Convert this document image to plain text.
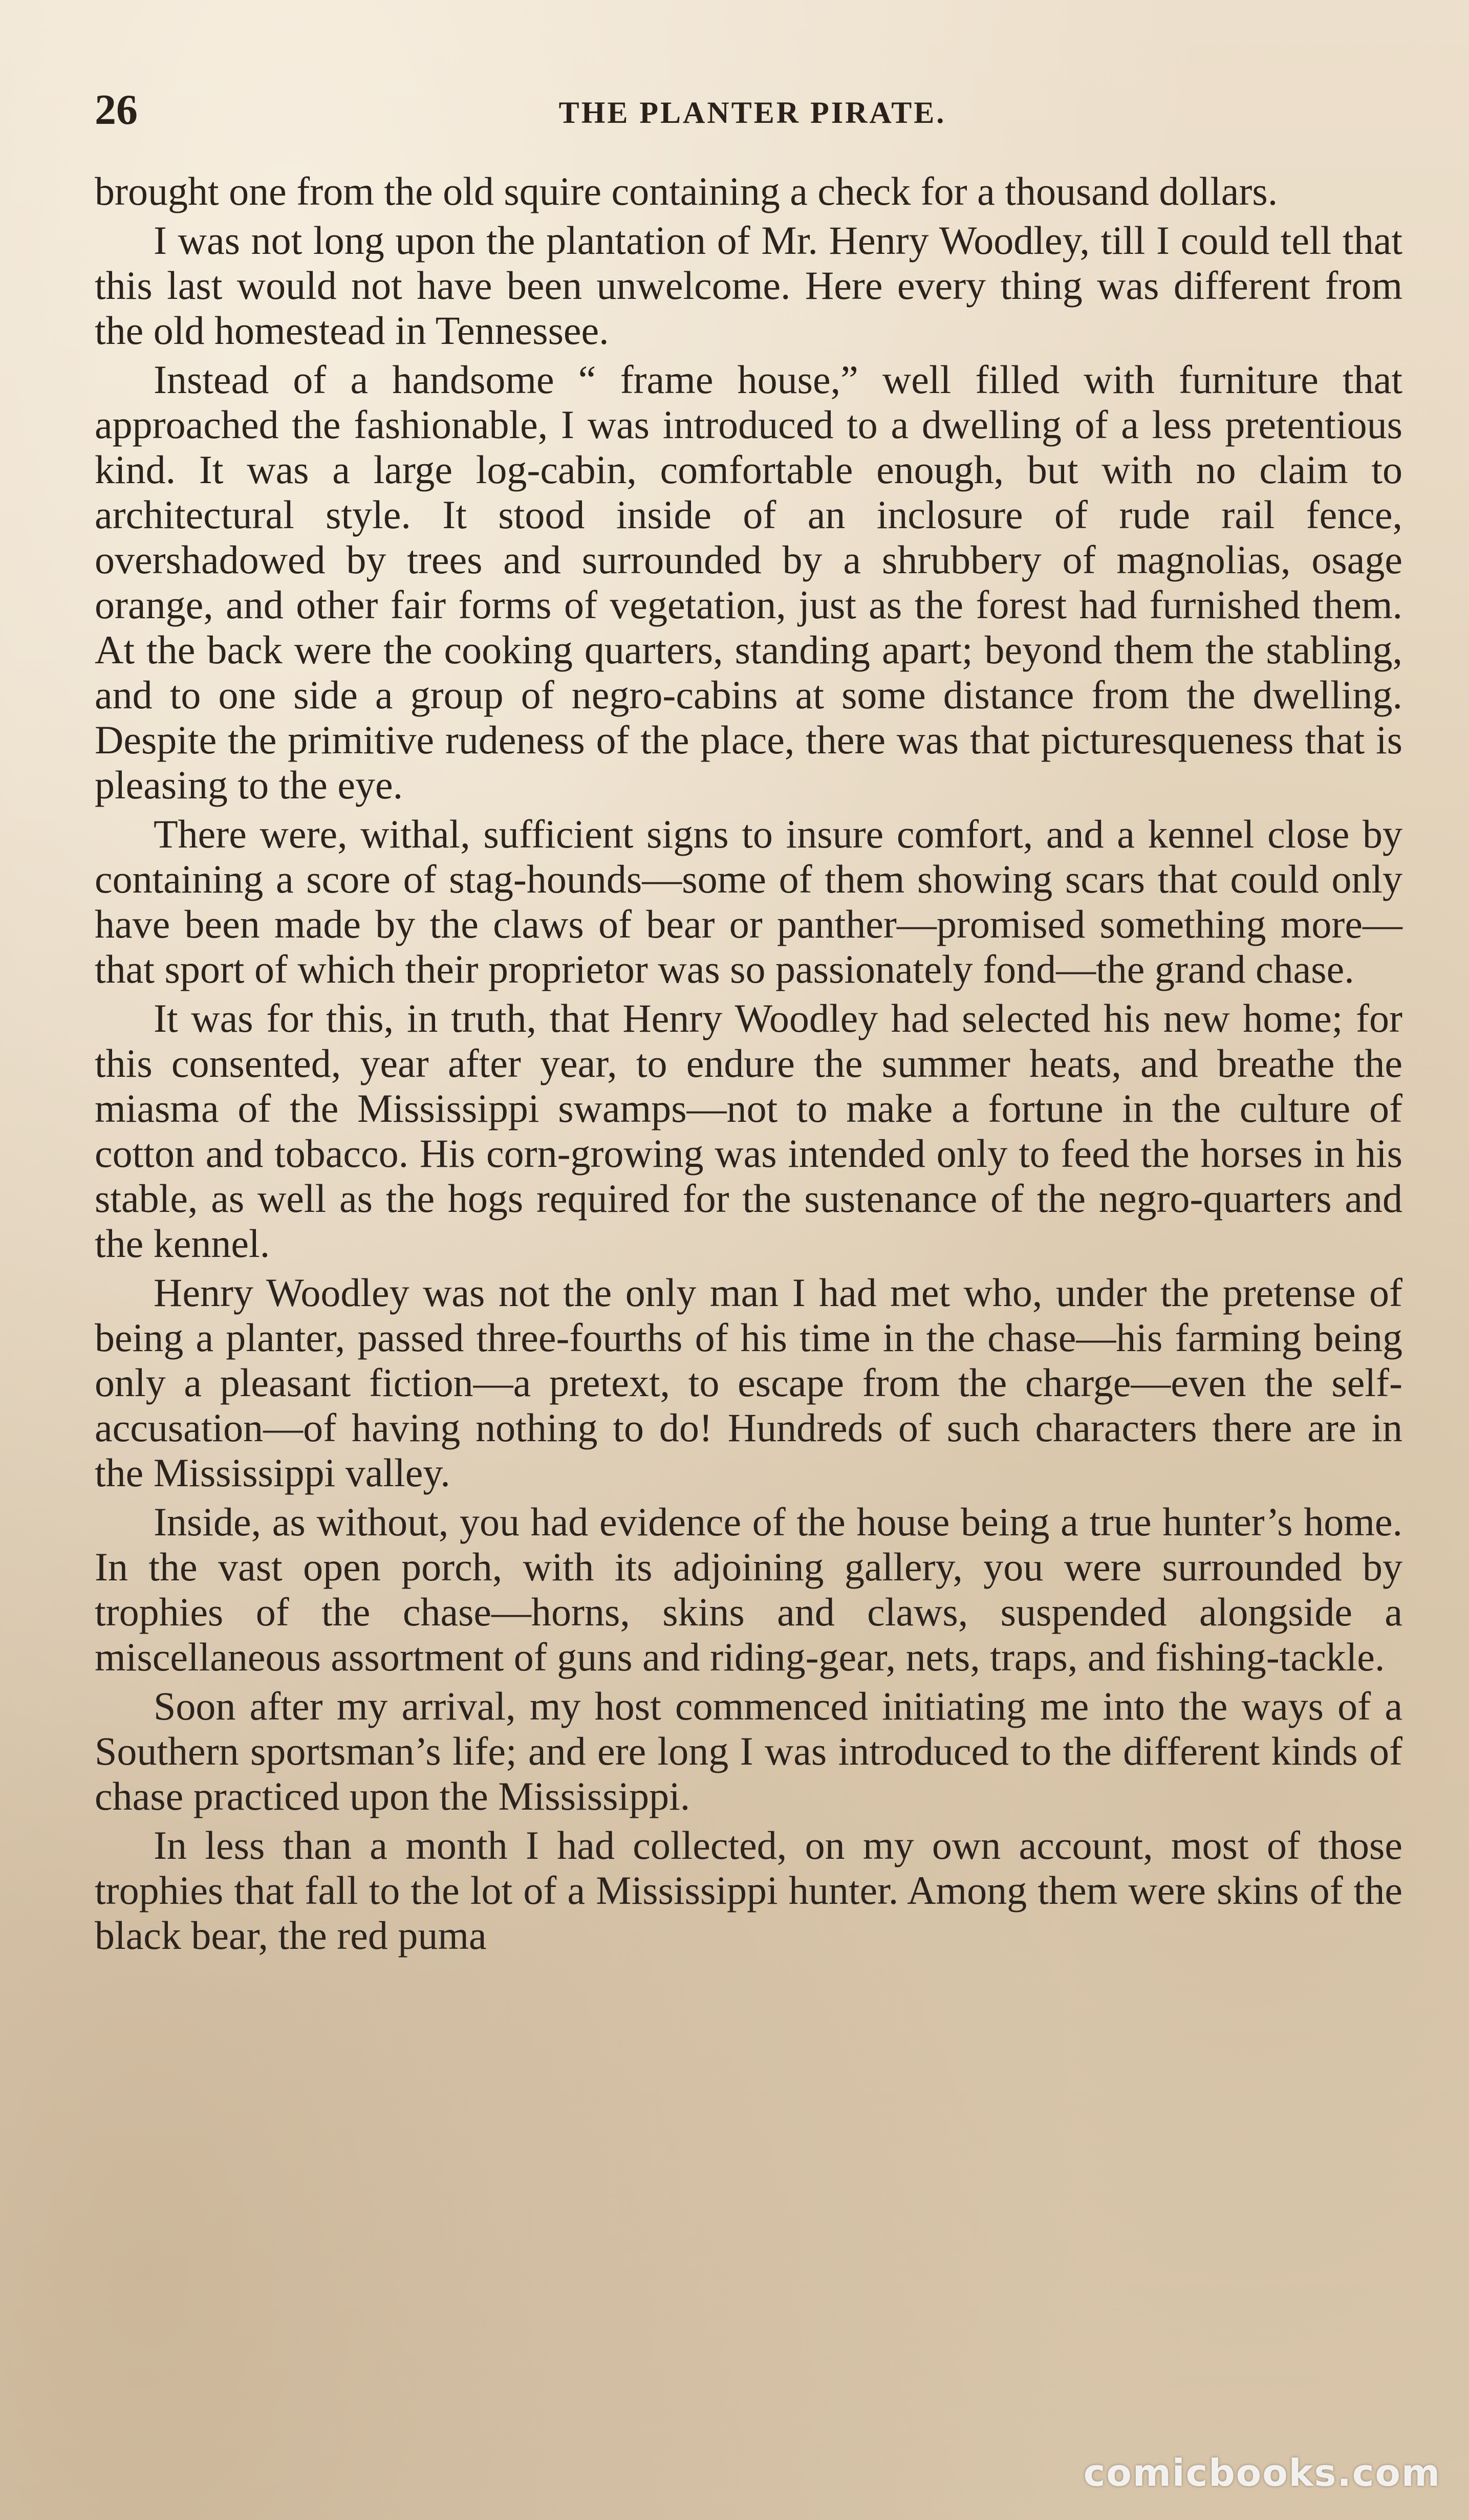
26	THE PLANTER PIRATE.

brought one from the old squire containing a check for a thousand dollars.

I was not long upon the plantation of Mr. Henry Woodley, till I could tell that this last would not have been unwelcome. Here every thing was different from the old homestead in Tennessee.

Instead of a handsome “ frame house,” well filled with furniture that approached the fashionable, I was introduced to a dwelling of a less pretentious kind. It was a large log-cabin, comfortable enough, but with no claim to architectural style. It stood inside of an inclosure of rude rail fence, overshadowed by trees and surrounded by a shrubbery of magnolias, osage orange, and other fair forms of vegetation, just as the forest had furnished them. At the back were the cooking quarters, standing apart; beyond them the stabling, and to one side a group of negro-cabins at some distance from the dwelling. Despite the primitive rudeness of the place, there was that picturesqueness that is pleasing to the eye.

There were, withal, sufficient signs to insure comfort, and a kennel close by containing a score of stag-hounds—some of them showing scars that could only have been made by the claws of bear or panther—promised something more—that sport of which their proprietor was so passionately fond—the grand chase.

It was for this, in truth, that Henry Woodley had selected his new home; for this consented, year after year, to endure the summer heats, and breathe the miasma of the Mississippi swamps—not to make a fortune in the culture of cotton and tobacco. His corn-growing was intended only to feed the horses in his stable, as well as the hogs required for the sustenance of the negro-quarters and the kennel.

Henry Woodley was not the only man I had met who, under the pretense of being a planter, passed three-fourths of his time in the chase—his farming being only a pleasant fiction—a pretext, to escape from the charge—even the self-accusation—of having nothing to do! Hundreds of such characters there are in the Mississippi valley.

Inside, as without, you had evidence of the house being a true hunter’s home. In the vast open porch, with its adjoining gallery, you were surrounded by trophies of the chase—horns, skins and claws, suspended alongside a miscellaneous assortment of guns and riding-gear, nets, traps, and fishing-tackle.

Soon after my arrival, my host commenced initiating me into the ways of a Southern sportsman’s life; and ere long I was introduced to the different kinds of chase practiced upon the Mississippi.

In less than a month I had collected, on my own account, most of those trophies that fall to the lot of a Mississippi hunter. Among them were skins of the black bear, the red puma

comicbooks.com
